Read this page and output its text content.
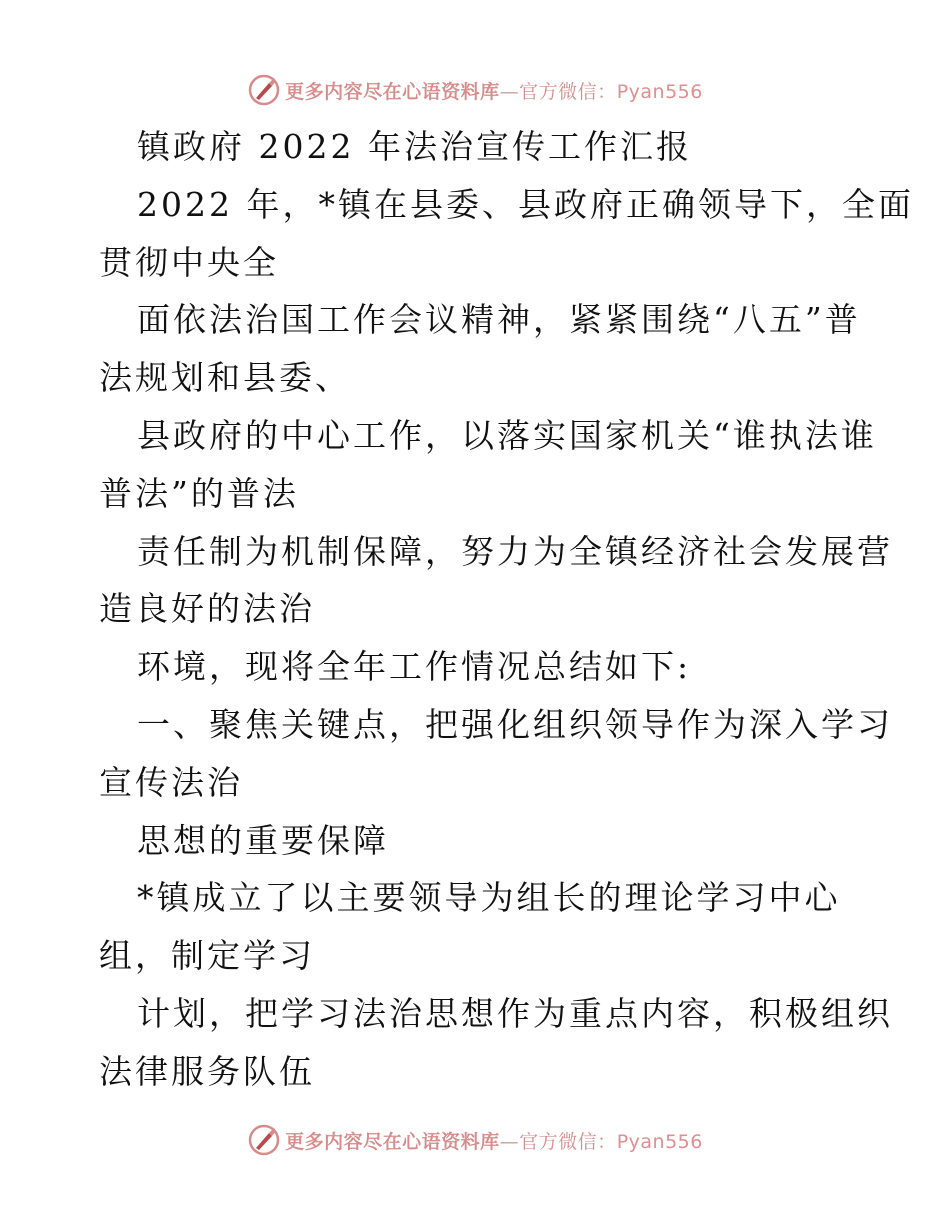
更多内容尽在心语资料库—官方微信：Pyan556
镇政府 2022 年法治宣传工作汇报
2022 年，*镇在县委、县政府正确领导下，全面
贯彻中央全
面依法治国工作会议精神，紧紧围绕“八五”普
法规划和县委、
县政府的中心工作，以落实国家机关“谁执法谁
普法”的普法
责任制为机制保障，努力为全镇经济社会发展营
造良好的法治
环境，现将全年工作情况总结如下:
一、聚焦关键点，把强化组织领导作为深入学习
宣传法治
思想的重要保障
*镇成立了以主要领导为组长的理论学习中心
组，制定学习
计划，把学习法治思想作为重点内容，积极组织
法律服务队伍
更多内容尽在心语资料库—官方微信：Pyan556
